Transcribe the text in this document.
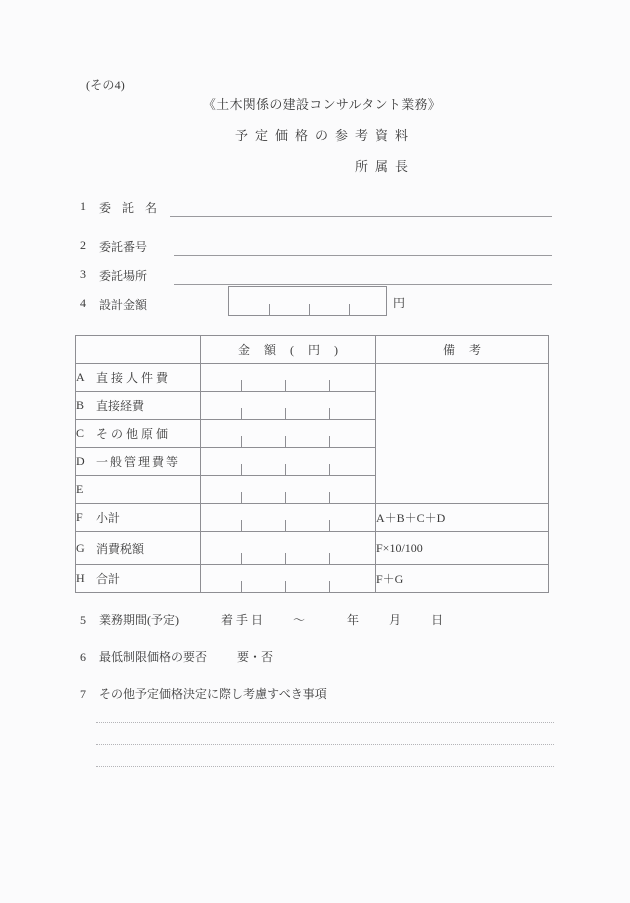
(その4)
《土木関係の建設コンサルタント業務》
予定価格の参考資料
所属長
1 委 託 名
2 委託番号
3 委託場所
4 設計金額	円
	金額(円)	備考

A 直接人件費		

B 直接経費		

C その他原価		

D 一般管理費等		

E		

F 小計		A＋B＋C＋D

G 消費税額		F×10/100

H 合計		F＋G
5 業務期間(予定)	着 手 日	～	年	月	日
6 最低制限価格の要否	要・否
7 その他予定価格決定に際し考慮すべき事項
